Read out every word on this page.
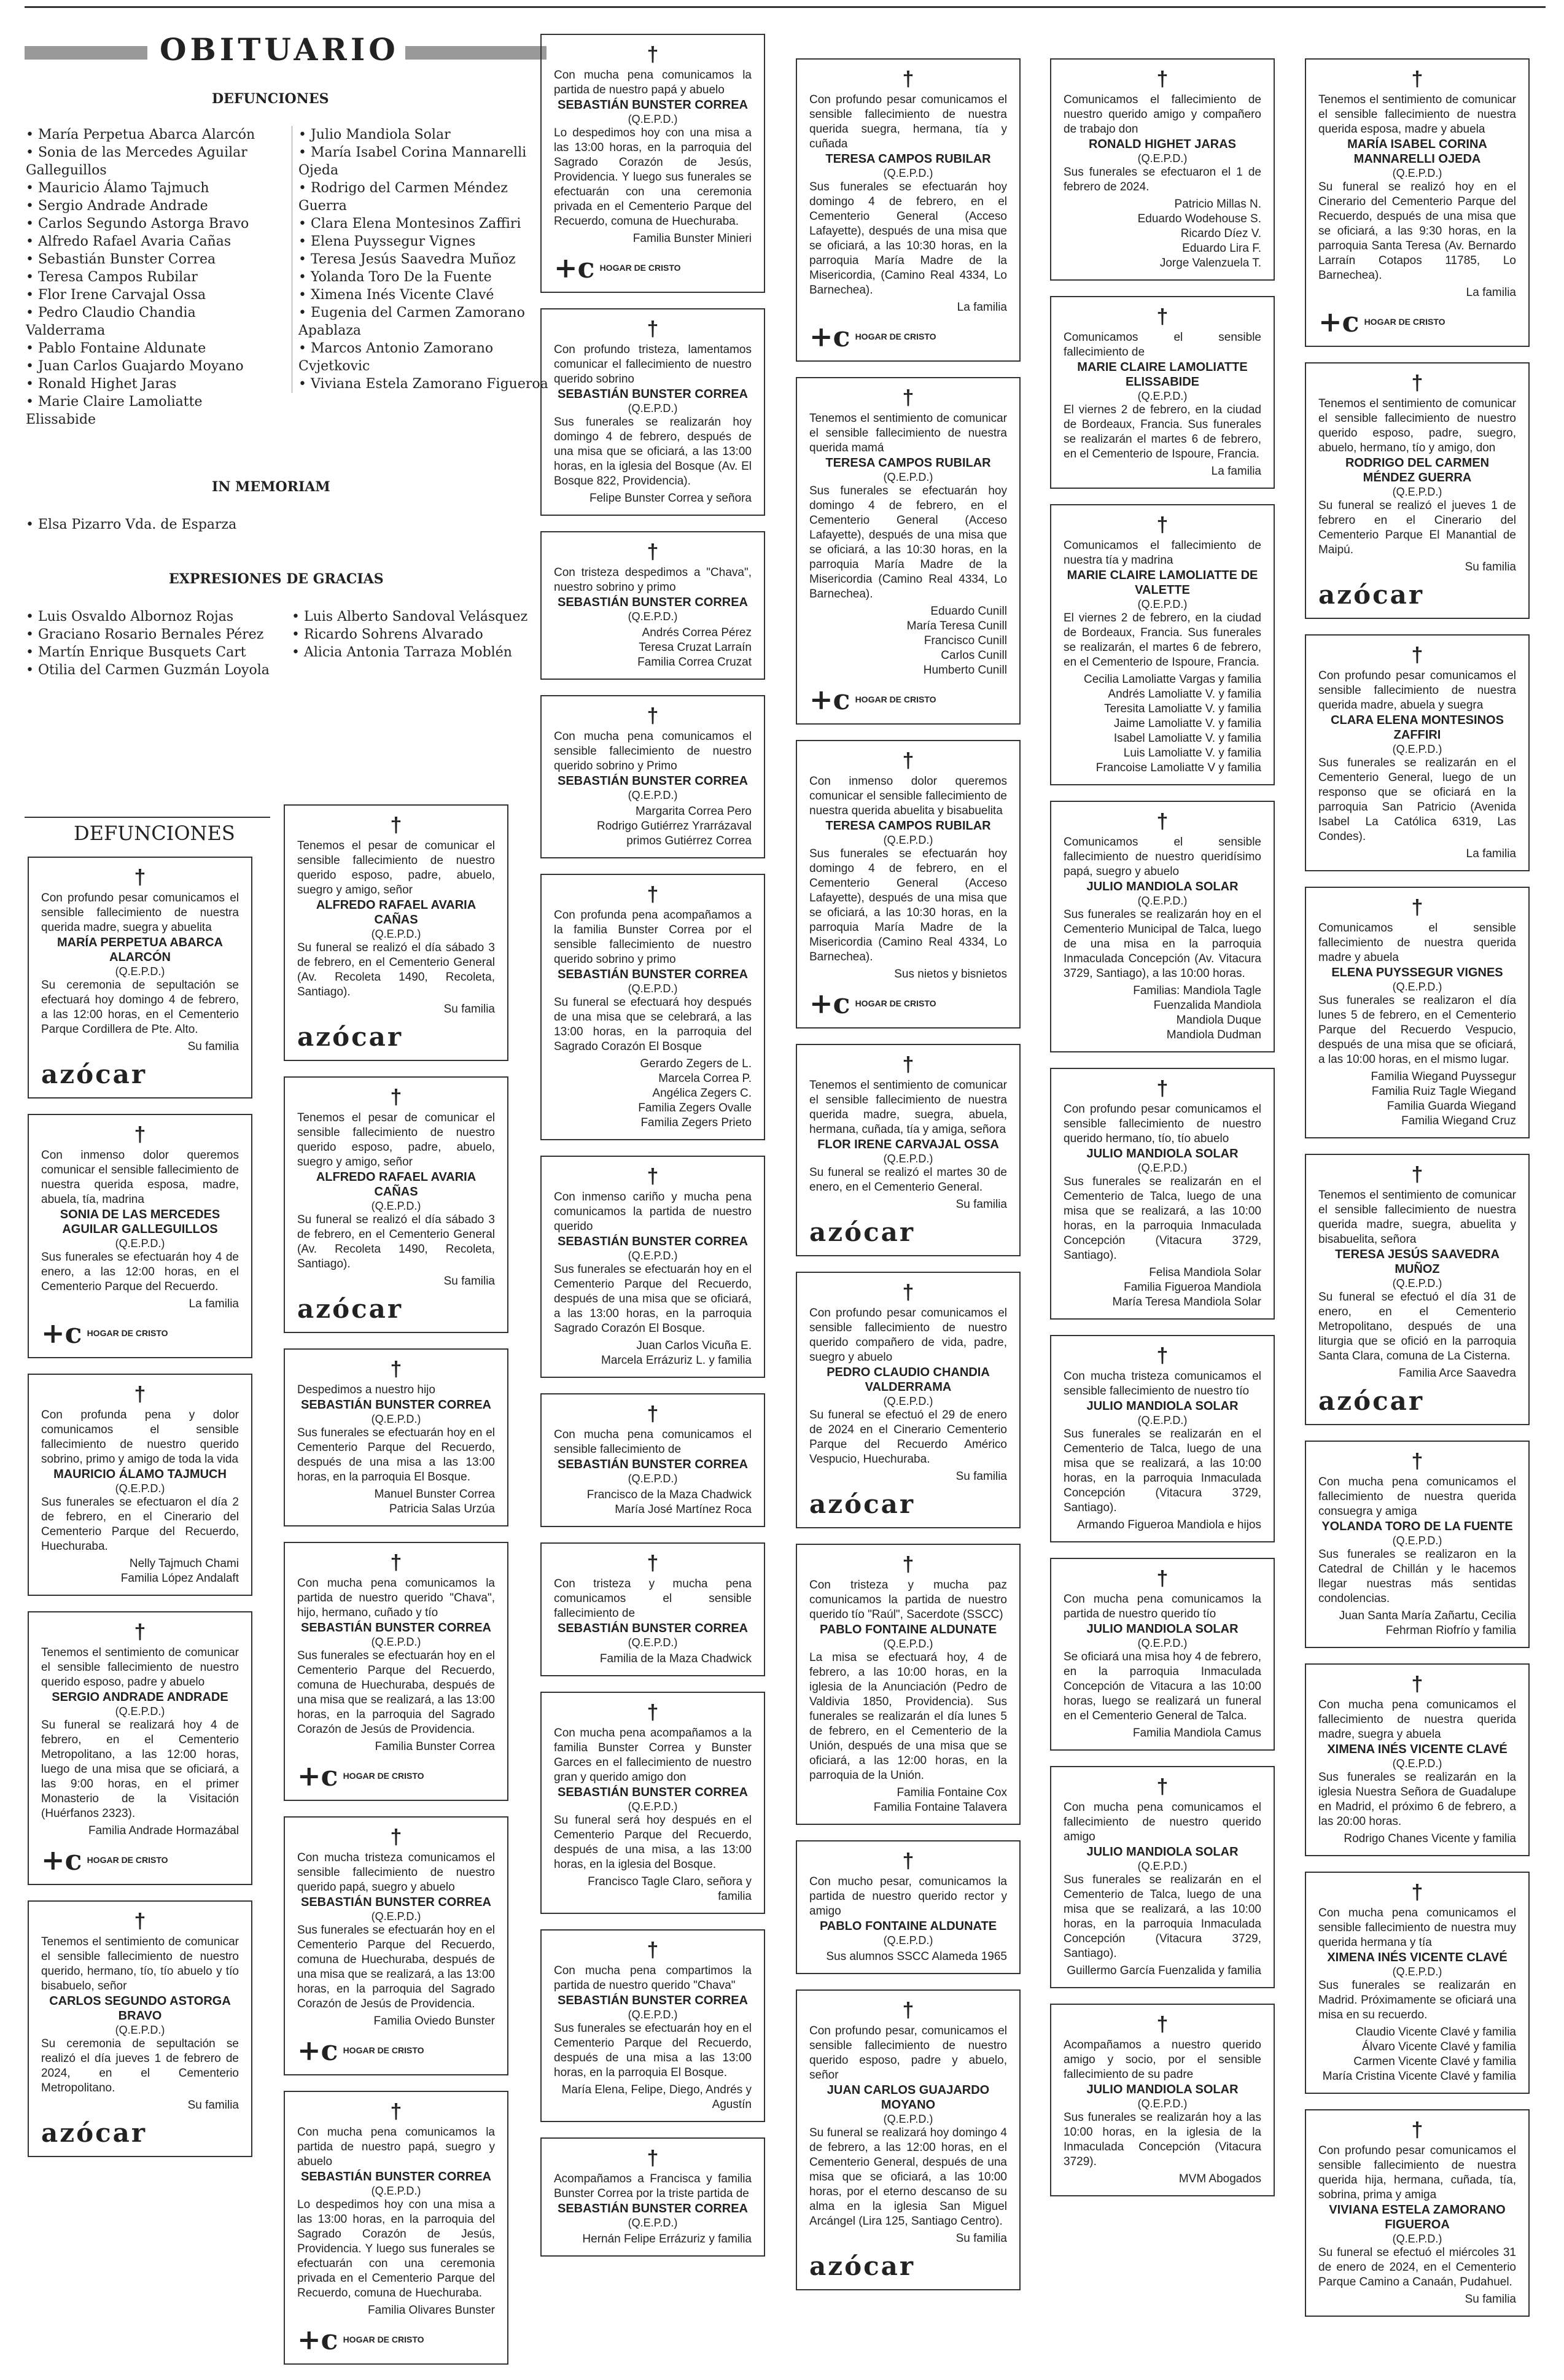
OBITUARIO
DEFUNCIONES
• María Perpetua Abarca Alarcón
• Sonia de las Mercedes Aguilar Galleguillos
• Mauricio Álamo Tajmuch
• Sergio Andrade Andrade
• Carlos Segundo Astorga Bravo
• Alfredo Rafael Avaria Cañas
• Sebastián Bunster Correa
• Teresa Campos Rubilar
• Flor Irene Carvajal Ossa
• Pedro Claudio Chandia Valderrama
• Pablo Fontaine Aldunate
• Juan Carlos Guajardo Moyano
• Ronald Highet Jaras
• Marie Claire Lamoliatte Elissabide
• Julio Mandiola Solar
• María Isabel Corina Mannarelli Ojeda
• Rodrigo del Carmen Méndez Guerra
• Clara Elena Montesinos Zaffiri
• Elena Puyssegur Vignes
• Teresa Jesús Saavedra Muñoz
• Yolanda Toro De la Fuente
• Ximena Inés Vicente Clavé
• Eugenia del Carmen Zamorano Apablaza
• Marcos Antonio Zamorano Cvjetkovic
• Viviana Estela Zamorano Figueroa
IN MEMORIAM
• Elsa Pizarro Vda. de Esparza
EXPRESIONES DE GRACIAS
• Luis Osvaldo Albornoz Rojas
• Graciano Rosario Bernales Pérez
• Martín Enrique Busquets Cart
• Otilia del Carmen Guzmán Loyola
• Luis Alberto Sandoval Velásquez
• Ricardo Sohrens Alvarado
• Alicia Antonia Tarraza Moblén
DEFUNCIONES
†
Con profundo pesar comunicamos el sensible fallecimiento de nuestra querida madre, suegra y abuelita
MARÍA PERPETUA ABARCA ALARCÓN
(Q.E.P.D.)
Su ceremonia de sepultación se efectuará hoy domingo 4 de febrero, a las 12:00 horas, en el Cementerio Parque Cordillera de Pte. Alto.
Su familia
azócar
†
Con inmenso dolor queremos comunicar el sensible fallecimiento de nuestra querida esposa, madre, abuela, tía, madrina
SONIA DE LAS MERCEDES AGUILAR GALLEGUILLOS
(Q.E.P.D.)
Sus funerales se efectuarán hoy 4 de enero, a las 12:00 horas, en el Cementerio Parque del Recuerdo.
La familia
+c HOGAR DE CRISTO
†
Con profunda pena y dolor comunicamos el sensible fallecimiento de nuestro querido sobrino, primo y amigo de toda la vida
MAURICIO ÁLAMO TAJMUCH
(Q.E.P.D.)
Sus funerales se efectuaron el día 2 de febrero, en el Cinerario del Cementerio Parque del Recuerdo, Huechuraba.
Nelly Tajmuch Chami
Familia López Andalaft
†
Tenemos el sentimiento de comunicar el sensible fallecimiento de nuestro querido esposo, padre y abuelo
SERGIO ANDRADE ANDRADE
(Q.E.P.D.)
Su funeral se realizará hoy 4 de febrero, en el Cementerio Metropolitano, a las 12:00 horas, luego de una misa que se oficiará, a las 9:00 horas, en el primer Monasterio de la Visitación (Huérfanos 2323).
Familia Andrade Hormazábal
+c HOGAR DE CRISTO
†
Tenemos el sentimiento de comunicar el sensible fallecimiento de nuestro querido, hermano, tío, tío abuelo y tío bisabuelo, señor
CARLOS SEGUNDO ASTORGA BRAVO
(Q.E.P.D.)
Su ceremonia de sepultación se realizó el día jueves 1 de febrero de 2024, en el Cementerio Metropolitano.
Su familia
azócar
†
Tenemos el pesar de comunicar el sensible fallecimiento de nuestro querido esposo, padre, abuelo, suegro y amigo, señor
ALFREDO RAFAEL AVARIA CAÑAS
(Q.E.P.D.)
Su funeral se realizó el día sábado 3 de febrero, en el Cementerio General (Av. Recoleta 1490, Recoleta, Santiago).
Su familia
azócar
†
Tenemos el pesar de comunicar el sensible fallecimiento de nuestro querido esposo, padre, abuelo, suegro y amigo, señor
ALFREDO RAFAEL AVARIA CAÑAS
(Q.E.P.D.)
Su funeral se realizó el día sábado 3 de febrero, en el Cementerio General (Av. Recoleta 1490, Recoleta, Santiago).
Su familia
azócar
†
Despedimos a nuestro hijo
SEBASTIÁN BUNSTER CORREA
(Q.E.P.D.)
Sus funerales se efectuarán hoy en el Cementerio Parque del Recuerdo, después de una misa a las 13:00 horas, en la parroquia El Bosque.
Manuel Bunster Correa
Patricia Salas Urzúa
†
Con mucha pena comunicamos la partida de nuestro querido "Chava", hijo, hermano, cuñado y tío
SEBASTIÁN BUNSTER CORREA
(Q.E.P.D.)
Sus funerales se efectuarán hoy en el Cementerio Parque del Recuerdo, comuna de Huechuraba, después de una misa que se realizará, a las 13:00 horas, en la parroquia del Sagrado Corazón de Jesús de Providencia.
Familia Bunster Correa
+c HOGAR DE CRISTO
†
Con mucha tristeza comunicamos el sensible fallecimiento de nuestro querido papá, suegro y abuelo
SEBASTIÁN BUNSTER CORREA
(Q.E.P.D.)
Sus funerales se efectuarán hoy en el Cementerio Parque del Recuerdo, comuna de Huechuraba, después de una misa que se realizará, a las 13:00 horas, en la parroquia del Sagrado Corazón de Jesús de Providencia.
Familia Oviedo Bunster
+c HOGAR DE CRISTO
†
Con mucha pena comunicamos la partida de nuestro papá, suegro y abuelo
SEBASTIÁN BUNSTER CORREA
(Q.E.P.D.)
Lo despedimos hoy con una misa a las 13:00 horas, en la parroquia del Sagrado Corazón de Jesús, Providencia. Y luego sus funerales se efectuarán con una ceremonia privada en el Cementerio Parque del Recuerdo, comuna de Huechuraba.
Familia Olivares Bunster
+c HOGAR DE CRISTO
†
Con mucha pena comunicamos la partida de nuestro papá y abuelo
SEBASTIÁN BUNSTER CORREA
(Q.E.P.D.)
Lo despedimos hoy con una misa a las 13:00 horas, en la parroquia del Sagrado Corazón de Jesús, Providencia. Y luego sus funerales se efectuarán con una ceremonia privada en el Cementerio Parque del Recuerdo, comuna de Huechuraba.
Familia Bunster Minieri
+c HOGAR DE CRISTO
†
Con profundo tristeza, lamentamos comunicar el fallecimiento de nuestro querido sobrino
SEBASTIÁN BUNSTER CORREA
(Q.E.P.D.)
Sus funerales se realizarán hoy domingo 4 de febrero, después de una misa que se oficiará, a las 13:00 horas, en la iglesia del Bosque (Av. El Bosque 822, Providencia).
Felipe Bunster Correa y señora
†
Con tristeza despedimos a "Chava", nuestro sobrino y primo
SEBASTIÁN BUNSTER CORREA
(Q.E.P.D.)
Andrés Correa Pérez
Teresa Cruzat Larraín
Familia Correa Cruzat
†
Con mucha pena comunicamos el sensible fallecimiento de nuestro querido sobrino y Primo
SEBASTIÁN BUNSTER CORREA
(Q.E.P.D.)
Margarita Correa Pero
Rodrigo Gutiérrez Yrarrázaval
primos Gutiérrez Correa
†
Con profunda pena acompañamos a la familia Bunster Correa por el sensible fallecimiento de nuestro querido sobrino y primo
SEBASTIÁN BUNSTER CORREA
(Q.E.P.D.)
Su funeral se efectuará hoy después de una misa que se celebrará, a las 13:00 horas, en la parroquia del Sagrado Corazón El Bosque
Gerardo Zegers de L.
Marcela Correa P.
Angélica Zegers C.
Familia Zegers Ovalle
Familia Zegers Prieto
†
Con inmenso cariño y mucha pena comunicamos la partida de nuestro querido
SEBASTIÁN BUNSTER CORREA
(Q.E.P.D.)
Sus funerales se efectuarán hoy en el Cementerio Parque del Recuerdo, después de una misa que se oficiará, a las 13:00 horas, en la parroquia Sagrado Corazón El Bosque.
Juan Carlos Vicuña E.
Marcela Errázuriz L. y familia
†
Con mucha pena comunicamos el sensible fallecimiento de
SEBASTIÁN BUNSTER CORREA
(Q.E.P.D.)
Francisco de la Maza Chadwick
María José Martínez Roca
†
Con tristeza y mucha pena comunicamos el sensible fallecimiento de
SEBASTIÁN BUNSTER CORREA
(Q.E.P.D.)
Familia de la Maza Chadwick
†
Con mucha pena acompañamos a la familia Bunster Correa y Bunster Garces en el fallecimiento de nuestro gran y querido amigo don
SEBASTIÁN BUNSTER CORREA
(Q.E.P.D.)
Su funeral será hoy después en el Cementerio Parque del Recuerdo, después de una misa, a las 13:00 horas, en la iglesia del Bosque.
Francisco Tagle Claro, señora y familia
†
Con mucha pena compartimos la partida de nuestro querido "Chava"
SEBASTIÁN BUNSTER CORREA
(Q.E.P.D.)
Sus funerales se efectuarán hoy en el Cementerio Parque del Recuerdo, después de una misa a las 13:00 horas, en la parroquia El Bosque.
María Elena, Felipe, Diego, Andrés y Agustín
†
Acompañamos a Francisca y familia Bunster Correa por la triste partida de
SEBASTIÁN BUNSTER CORREA
(Q.E.P.D.)
Hernán Felipe Errázuriz y familia
†
Con profundo pesar comunicamos el sensible fallecimiento de nuestra querida suegra, hermana, tía y cuñada
TERESA CAMPOS RUBILAR
(Q.E.P.D.)
Sus funerales se efectuarán hoy domingo 4 de febrero, en el Cementerio General (Acceso Lafayette), después de una misa que se oficiará, a las 10:30 horas, en la parroquia María Madre de la Misericordia, (Camino Real 4334, Lo Barnechea).
La familia
+c HOGAR DE CRISTO
†
Tenemos el sentimiento de comunicar el sensible fallecimiento de nuestra querida mamá
TERESA CAMPOS RUBILAR
(Q.E.P.D.)
Sus funerales se efectuarán hoy domingo 4 de febrero, en el Cementerio General (Acceso Lafayette), después de una misa que se oficiará, a las 10:30 horas, en la parroquia María Madre de la Misericordia (Camino Real 4334, Lo Barnechea).
Eduardo Cunill
María Teresa Cunill
Francisco Cunill
Carlos Cunill
Humberto Cunill
+c HOGAR DE CRISTO
†
Con inmenso dolor queremos comunicar el sensible fallecimiento de nuestra querida abuelita y bisabuelita
TERESA CAMPOS RUBILAR
(Q.E.P.D.)
Sus funerales se efectuarán hoy domingo 4 de febrero, en el Cementerio General (Acceso Lafayette), después de una misa que se oficiará, a las 10:30 horas, en la parroquia María Madre de la Misericordia (Camino Real 4334, Lo Barnechea).
Sus nietos y bisnietos
+c HOGAR DE CRISTO
†
Tenemos el sentimiento de comunicar el sensible fallecimiento de nuestra querida madre, suegra, abuela, hermana, cuñada, tía y amiga, señora
FLOR IRENE CARVAJAL OSSA
(Q.E.P.D.)
Su funeral se realizó el martes 30 de enero, en el Cementerio General.
Su familia
azócar
†
Con profundo pesar comunicamos el sensible fallecimiento de nuestro querido compañero de vida, padre, suegro y abuelo
PEDRO CLAUDIO CHANDIA VALDERRAMA
(Q.E.P.D.)
Su funeral se efectuó el 29 de enero de 2024 en el Cinerario Cementerio Parque del Recuerdo Américo Vespucio, Huechuraba.
Su familia
azócar
†
Con tristeza y mucha paz comunicamos la partida de nuestro querido tío "Raúl", Sacerdote (SSCC)
PABLO FONTAINE ALDUNATE
(Q.E.P.D.)
La misa se efectuará hoy, 4 de febrero, a las 10:00 horas, en la iglesia de la Anunciación (Pedro de Valdivia 1850, Providencia). Sus funerales se realizarán el día lunes 5 de febrero, en el Cementerio de la Unión, después de una misa que se oficiará, a las 12:00 horas, en la parroquia de la Unión.
Familia Fontaine Cox
Familia Fontaine Talavera
†
Con mucho pesar, comunicamos la partida de nuestro querido rector y amigo
PABLO FONTAINE ALDUNATE
(Q.E.P.D.)
Sus alumnos SSCC Alameda 1965
†
Con profundo pesar, comunicamos el sensible fallecimiento de nuestro querido esposo, padre y abuelo, señor
JUAN CARLOS GUAJARDO MOYANO
(Q.E.P.D.)
Su funeral se realizará hoy domingo 4 de febrero, a las 12:00 horas, en el Cementerio General, después de una misa que se oficiará, a las 10:00 horas, por el eterno descanso de su alma en la iglesia San Miguel Arcángel (Lira 125, Santiago Centro).
Su familia
azócar
†
Comunicamos el fallecimiento de nuestro querido amigo y compañero de trabajo don
RONALD HIGHET JARAS
(Q.E.P.D.)
Sus funerales se efectuaron el 1 de febrero de 2024.
Patricio Millas N.
Eduardo Wodehouse S.
Ricardo Díez V.
Eduardo Lira F.
Jorge Valenzuela T.
†
Comunicamos el sensible fallecimiento de
MARIE CLAIRE LAMOLIATTE ELISSABIDE
(Q.E.P.D.)
El viernes 2 de febrero, en la ciudad de Bordeaux, Francia. Sus funerales se realizarán el martes 6 de febrero, en el Cementerio de Ispoure, Francia.
La familia
†
Comunicamos el fallecimiento de nuestra tía y madrina
MARIE CLAIRE LAMOLIATTE DE VALETTE
(Q.E.P.D.)
El viernes 2 de febrero, en la ciudad de Bordeaux, Francia. Sus funerales se realizarán, el martes 6 de febrero, en el Cementerio de Ispoure, Francia.
Cecilia Lamoliatte Vargas y familia
Andrés Lamoliatte V. y familia
Teresita Lamoliatte V. y familia
Jaime Lamoliatte V. y familia
Isabel Lamoliatte V. y familia
Luis Lamoliatte V. y familia
Francoise Lamoliatte V y familia
†
Comunicamos el sensible fallecimiento de nuestro queridísimo papá, suegro y abuelo
JULIO MANDIOLA SOLAR
(Q.E.P.D.)
Sus funerales se realizarán hoy en el Cementerio Municipal de Talca, luego de una misa en la parroquia Inmaculada Concepción (Av. Vitacura 3729, Santiago), a las 10:00 horas.
Familias: Mandiola Tagle
Fuenzalida Mandiola
Mandiola Duque
Mandiola Dudman
†
Con profundo pesar comunicamos el sensible fallecimiento de nuestro querido hermano, tío, tío abuelo
JULIO MANDIOLA SOLAR
(Q.E.P.D.)
Sus funerales se realizarán en el Cementerio de Talca, luego de una misa que se realizará, a las 10:00 horas, en la parroquia Inmaculada Concepción (Vitacura 3729, Santiago).
Felisa Mandiola Solar
Familia Figueroa Mandiola
María Teresa Mandiola Solar
†
Con mucha tristeza comunicamos el sensible fallecimiento de nuestro tío
JULIO MANDIOLA SOLAR
(Q.E.P.D.)
Sus funerales se realizarán en el Cementerio de Talca, luego de una misa que se realizará, a las 10:00 horas, en la parroquia Inmaculada Concepción (Vitacura 3729, Santiago).
Armando Figueroa Mandiola e hijos
†
Con mucha pena comunicamos la partida de nuestro querido tío
JULIO MANDIOLA SOLAR
(Q.E.P.D.)
Se oficiará una misa hoy 4 de febrero, en la parroquia Inmaculada Concepción de Vitacura a las 10:00 horas, luego se realizará un funeral en el Cementerio General de Talca.
Familia Mandiola Camus
†
Con mucha pena comunicamos el fallecimiento de nuestro querido amigo
JULIO MANDIOLA SOLAR
(Q.E.P.D.)
Sus funerales se realizarán en el Cementerio de Talca, luego de una misa que se realizará, a las 10:00 horas, en la parroquia Inmaculada Concepción (Vitacura 3729, Santiago).
Guillermo García Fuenzalida y familia
†
Acompañamos a nuestro querido amigo y socio, por el sensible fallecimiento de su padre
JULIO MANDIOLA SOLAR
(Q.E.P.D.)
Sus funerales se realizarán hoy a las 10:00 horas, en la iglesia de la Inmaculada Concepción (Vitacura 3729).
MVM Abogados
†
Tenemos el sentimiento de comunicar el sensible fallecimiento de nuestra querida esposa, madre y abuela
MARÍA ISABEL CORINA MANNARELLI OJEDA
(Q.E.P.D.)
Su funeral se realizó hoy en el Cinerario del Cementerio Parque del Recuerdo, después de una misa que se oficiará, a las 9:30 horas, en la parroquia Santa Teresa (Av. Bernardo Larraín Cotapos 11785, Lo Barnechea).
La familia
+c HOGAR DE CRISTO
†
Tenemos el sentimiento de comunicar el sensible fallecimiento de nuestro querido esposo, padre, suegro, abuelo, hermano, tío y amigo, don
RODRIGO DEL CARMEN MÉNDEZ GUERRA
(Q.E.P.D.)
Su funeral se realizó el jueves 1 de febrero en el Cinerario del Cementerio Parque El Manantial de Maipú.
Su familia
azócar
†
Con profundo pesar comunicamos el sensible fallecimiento de nuestra querida madre, abuela y suegra
CLARA ELENA MONTESINOS ZAFFIRI
(Q.E.P.D.)
Sus funerales se realizarán en el Cementerio General, luego de un responso que se oficiará en la parroquia San Patricio (Avenida Isabel La Católica 6319, Las Condes).
La familia
†
Comunicamos el sensible fallecimiento de nuestra querida madre y abuela
ELENA PUYSSEGUR VIGNES
(Q.E.P.D.)
Sus funerales se realizaron el día lunes 5 de febrero, en el Cementerio Parque del Recuerdo Vespucio, después de una misa que se oficiará, a las 10:00 horas, en el mismo lugar.
Familia Wiegand Puyssegur
Familia Ruiz Tagle Wiegand
Familia Guarda Wiegand
Familia Wiegand Cruz
†
Tenemos el sentimiento de comunicar el sensible fallecimiento de nuestra querida madre, suegra, abuelita y bisabuelita, señora
TERESA JESÚS SAAVEDRA MUÑOZ
(Q.E.P.D.)
Su funeral se efectuó el día 31 de enero, en el Cementerio Metropolitano, después de una liturgia que se ofició en la parroquia Santa Clara, comuna de La Cisterna.
Familia Arce Saavedra
azócar
†
Con mucha pena comunicamos el fallecimiento de nuestra querida consuegra y amiga
YOLANDA TORO DE LA FUENTE
(Q.E.P.D.)
Sus funerales se realizaron en la Catedral de Chillán y le hacemos llegar nuestras más sentidas condolencias.
Juan Santa María Zañartu, Cecilia Fehrman Riofrío y familia
†
Con mucha pena comunicamos el fallecimiento de nuestra querida madre, suegra y abuela
XIMENA INÉS VICENTE CLAVÉ
(Q.E.P.D.)
Sus funerales se realizarán en la iglesia Nuestra Señora de Guadalupe en Madrid, el próximo 6 de febrero, a las 20:00 horas.
Rodrigo Chanes Vicente y familia
†
Con mucha pena comunicamos el sensible fallecimiento de nuestra muy querida hermana y tía
XIMENA INÉS VICENTE CLAVÉ
(Q.E.P.D.)
Sus funerales se realizarán en Madrid. Próximamente se oficiará una misa en su recuerdo.
Claudio Vicente Clavé y familia
Álvaro Vicente Clavé y familia
Carmen Vicente Clavé y familia
María Cristina Vicente Clavé y familia
†
Con profundo pesar comunicamos el sensible fallecimiento de nuestra querida hija, hermana, cuñada, tía, sobrina, prima y amiga
VIVIANA ESTELA ZAMORANO FIGUEROA
(Q.E.P.D.)
Su funeral se efectuó el miércoles 31 de enero de 2024, en el Cementerio Parque Camino a Canaán, Pudahuel.
Su familia
